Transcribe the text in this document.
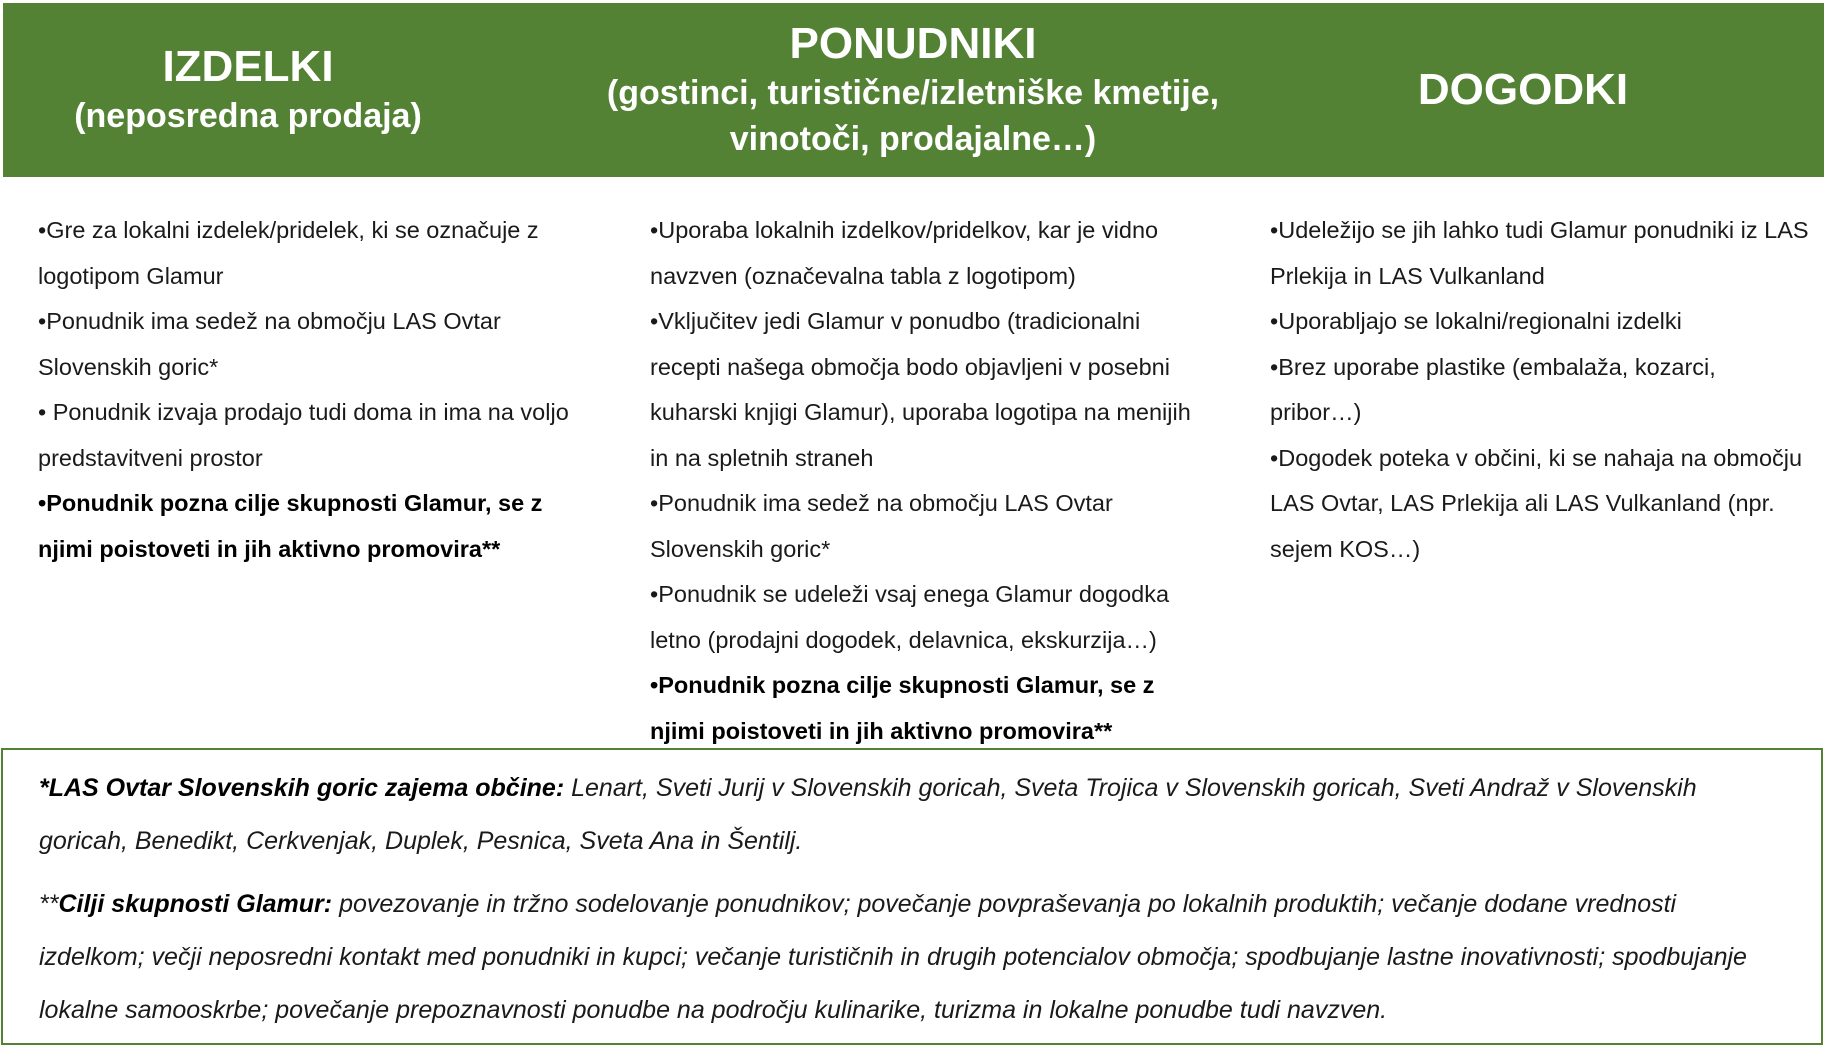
IZDELKI
(neposredna prodaja)
PONUDNIKI
(gostinci, turistične/izletniške kmetije,
vinotoči, prodajalne…)
DOGODKI

•Gre za lokalni izdelek/pridelek, ki se označuje z logotipom Glamur

•Ponudnik ima sedež na območju LAS Ovtar Slovenskih goric*

• Ponudnik izvaja prodajo tudi doma in ima na voljo predstavitveni prostor

•Ponudnik pozna cilje skupnosti Glamur, se z njimi poistoveti in jih aktivno promovira**

•Uporaba lokalnih izdelkov/pridelkov, kar je vidno navzven (označevalna tabla z logotipom)

•Vključitev jedi Glamur v ponudbo (tradicionalni recepti našega območja bodo objavljeni v posebni kuharski knjigi Glamur), uporaba logotipa na menijih in na spletnih straneh

•Ponudnik ima sedež na območju LAS Ovtar Slovenskih goric*

•Ponudnik se udeleži vsaj enega Glamur dogodka letno (prodajni dogodek, delavnica, ekskurzija…)

•Ponudnik pozna cilje skupnosti Glamur, se z njimi poistoveti in jih aktivno promovira**

•Udeležijo se jih lahko tudi Glamur ponudniki iz LAS Prlekija in LAS Vulkanland

•Uporabljajo se lokalni/regionalni izdelki

•Brez uporabe plastike (embalaža, kozarci, pribor…)

•Dogodek poteka v občini, ki se nahaja na območju LAS Ovtar, LAS Prlekija ali LAS Vulkanland (npr. sejem KOS…)

*LAS Ovtar Slovenskih goric zajema občine: Lenart, Sveti Jurij v Slovenskih goricah, Sveta Trojica v Slovenskih goricah, Sveti Andraž v Slovenskih goricah, Benedikt, Cerkvenjak, Duplek, Pesnica, Sveta Ana in Šentilj.

**Cilji skupnosti Glamur: povezovanje in tržno sodelovanje ponudnikov; povečanje povpraševanja po lokalnih produktih; večanje dodane vrednosti izdelkom; večji neposredni kontakt med ponudniki in kupci; večanje turističnih in drugih potencialov območja; spodbujanje lastne inovativnosti; spodbujanje lokalne samooskrbe; povečanje prepoznavnosti ponudbe na področju kulinarike, turizma in lokalne ponudbe tudi navzven.
